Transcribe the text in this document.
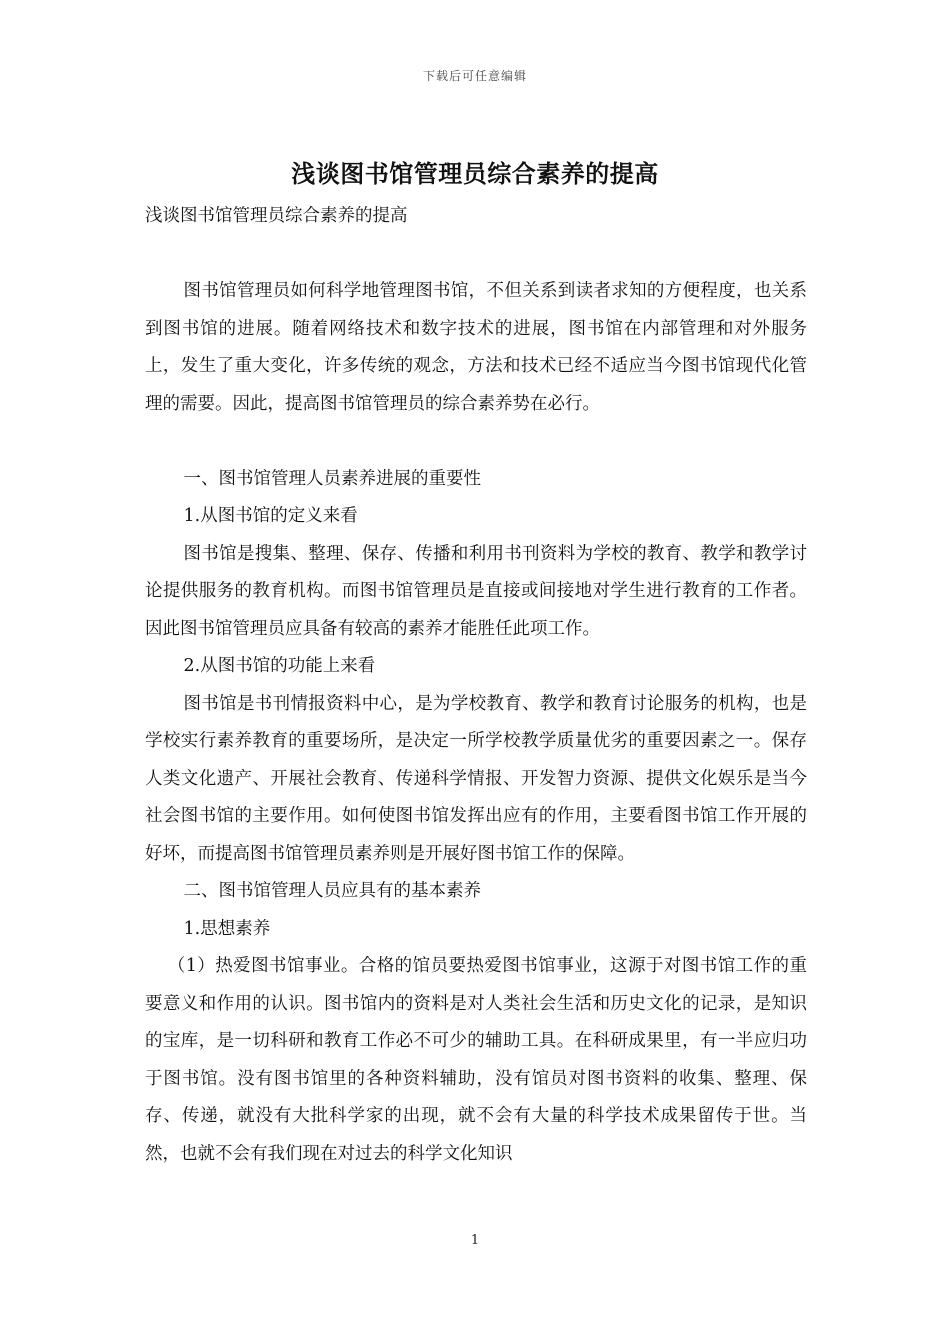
下载后可任意编辑
浅谈图书馆管理员综合素养的提高

浅谈图书馆管理员综合素养的提高

图书馆管理员如何科学地管理图书馆，不但关系到读者求知的方便程度，也关系到图书馆的进展。随着网络技术和数字技术的进展，图书馆在内部管理和对外服务上，发生了重大变化，许多传统的观念，方法和技术已经不适应当今图书馆现代化管理的需要。因此，提高图书馆管理员的综合素养势在必行。

一、图书馆管理人员素养进展的重要性

1.从图书馆的定义来看

图书馆是搜集、整理、保存、传播和利用书刊资料为学校的教育、教学和教学讨论提供服务的教育机构。而图书馆管理员是直接或间接地对学生进行教育的工作者。因此图书馆管理员应具备有较高的素养才能胜任此项工作。

2.从图书馆的功能上来看

图书馆是书刊情报资料中心，是为学校教育、教学和教育讨论服务的机构，也是学校实行素养教育的重要场所，是决定一所学校教学质量优劣的重要因素之一。保存人类文化遗产、开展社会教育、传递科学情报、开发智力资源、提供文化娱乐是当今社会图书馆的主要作用。如何使图书馆发挥出应有的作用，主要看图书馆工作开展的好坏，而提高图书馆管理员素养则是开展好图书馆工作的保障。

二、图书馆管理人员应具有的基本素养

1.思想素养

（1）热爱图书馆事业。合格的馆员要热爱图书馆事业，这源于对图书馆工作的重要意义和作用的认识。图书馆内的资料是对人类社会生活和历史文化的记录，是知识的宝库，是一切科研和教育工作必不可少的辅助工具。在科研成果里，有一半应归功于图书馆。没有图书馆里的各种资料辅助，没有馆员对图书资料的收集、整理、保存、传递，就没有大批科学家的出现，就不会有大量的科学技术成果留传于世。当然，也就不会有我们现在对过去的科学文化知识

1
